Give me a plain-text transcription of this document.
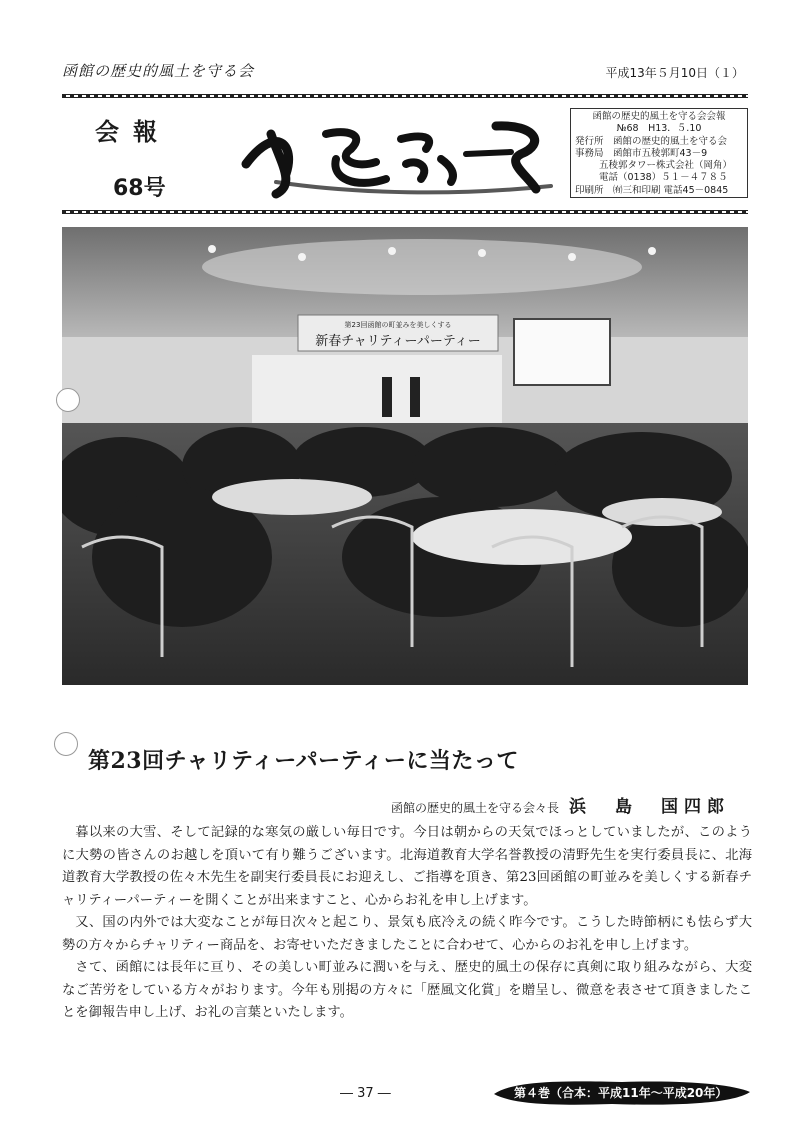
函館の歴史的風土を守る会	平成13年５月10日（１）
会報
68号
函館の歴史的風土を守る会会報
№68　H13．５.10
発行所　函館の歴史的風土を守る会
事務局　函館市五稜郭町43－9
五稜郭タワー株式会社（岡角）
電話（0138）５１－４７８５
印刷所　㈲三和印刷 電話45－0845
第23回函館の町並みを美しくする
新春チャリティーパーティー
第23回チャリティーパーティーに当たって
函館の歴史的風土を守る会々長 浜　島　国四郎

暮以来の大雪、そして記録的な寒気の厳しい毎日です。今日は朝からの天気でほっとしていましたが、このように大勢の皆さんのお越しを頂いて有り難うございます。北海道教育大学名誉教授の清野先生を実行委員長に、北海道教育大学教授の佐々木先生を副実行委員長にお迎えし、ご指導を頂き、第23回函館の町並みを美しくする新春チャリティーパーティーを開くことが出来ますこと、心からお礼を申し上げます。

又、国の内外では大変なことが毎日次々と起こり、景気も底冷えの続く昨今です。こうした時節柄にも怯らず大勢の方々からチャリティー商品を、お寄せいただきましたことに合わせて、心からのお礼を申し上げます。

さて、函館には長年に亘り、その美しい町並みに潤いを与え、歴史的風土の保存に真剣に取り組みながら、大変なご苦労をしている方々がおります。今年も別掲の方々に「歴風文化賞」を贈呈し、微意を表させて頂きましたことを御報告申し上げ、お礼の言葉といたします。

― 37 ―	第４巻（合本：平成11年～平成20年）
